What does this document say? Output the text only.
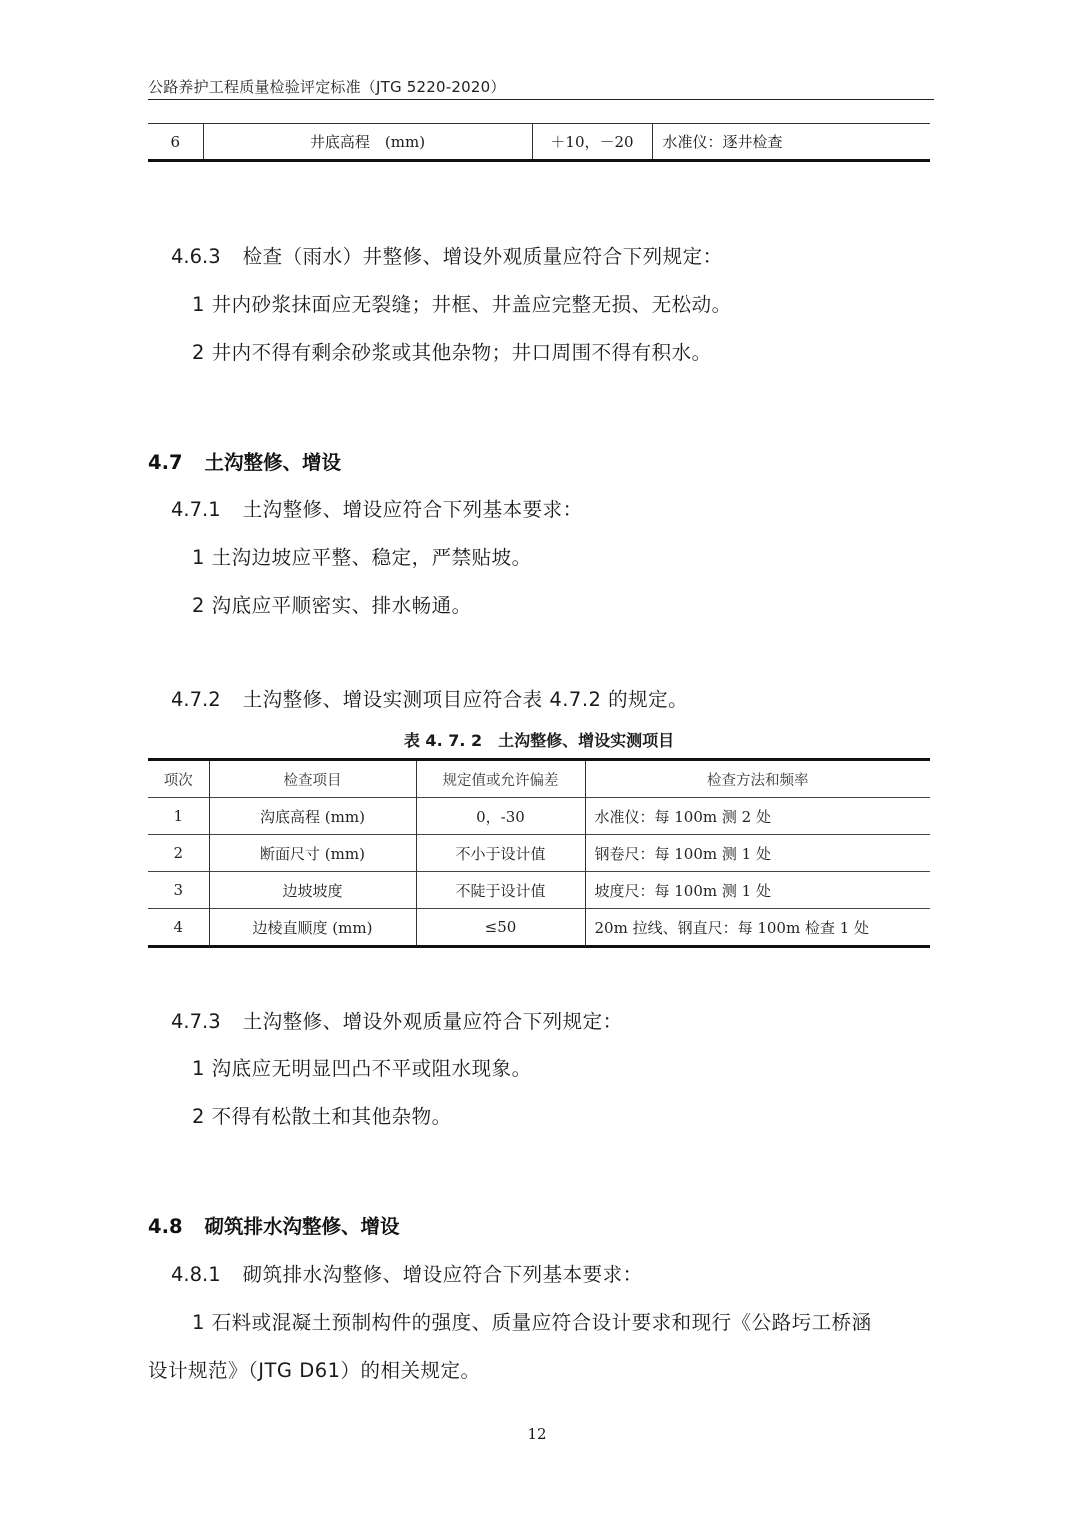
公路养护工程质量检验评定标准（JTG 5220-2020）
6	井底高程　(mm)	＋10，－20	水准仪：逐井检查
4.6.3 检查（雨水）井整修、增设外观质量应符合下列规定：
1 井内砂浆抹面应无裂缝；井框、井盖应完整无损、无松动。
2 井内不得有剩余砂浆或其他杂物；井口周围不得有积水。
4.7 土沟整修、增设
4.7.1 土沟整修、增设应符合下列基本要求：
1 土沟边坡应平整、稳定，严禁贴坡。
2 沟底应平顺密实、排水畅通。
4.7.2 土沟整修、增设实测项目应符合表 4.7.2 的规定。
表 4. 7. 2　土沟整修、增设实测项目
项次	检查项目	规定值或允许偏差	检查方法和频率
1	沟底高程 (mm)	0，-30	水准仪：每 100m 测 2 处
2	断面尺寸 (mm)	不小于设计值	钢卷尺：每 100m 测 1 处
3	边坡坡度	不陡于设计值	坡度尺：每 100m 测 1 处
4	边棱直顺度 (mm)	≤50	20m 拉线、钢直尺：每 100m 检查 1 处
4.7.3 土沟整修、增设外观质量应符合下列规定：
1 沟底应无明显凹凸不平或阻水现象。
2 不得有松散土和其他杂物。
4.8 砌筑排水沟整修、增设
4.8.1 砌筑排水沟整修、增设应符合下列基本要求：
1 石料或混凝土预制构件的强度、质量应符合设计要求和现行《公路圬工桥涵
设计规范》（JTG D61）的相关规定。
12
